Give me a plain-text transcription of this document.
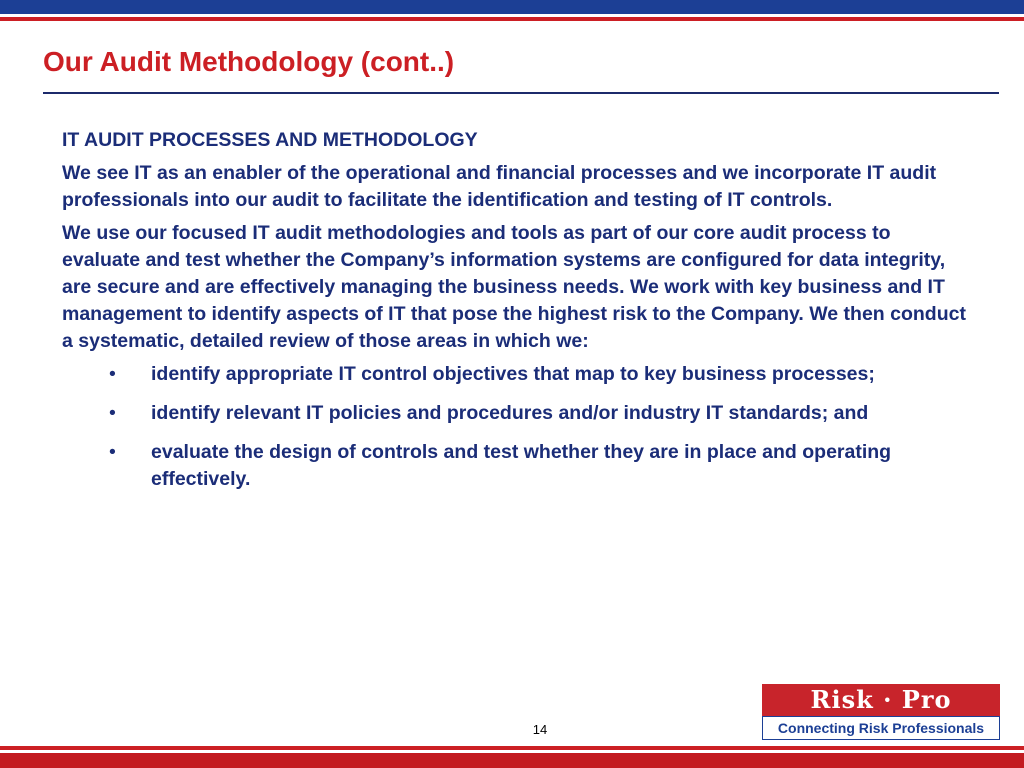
Our Audit Methodology (cont..)

IT AUDIT PROCESSES AND METHODOLOGY

We see IT as an enabler of the operational and financial processes and we incorporate IT audit professionals into our audit to facilitate the identification and testing of IT controls.

We use our focused IT audit methodologies and tools as part of our core audit process to evaluate and test whether the Company’s information systems are configured for data integrity, are secure and are effectively managing the business needs. We work with key business and IT management to identify aspects of IT that pose the highest risk to the Company. We then conduct a systematic, detailed review of those areas in which we:

• identify appropriate IT control objectives that map to key business processes;
• identify relevant IT policies and procedures and/or industry IT standards; and
• evaluate the design of controls and test whether they are in place and operating effectively.
14
Risk · Pro
Connecting Risk Professionals
